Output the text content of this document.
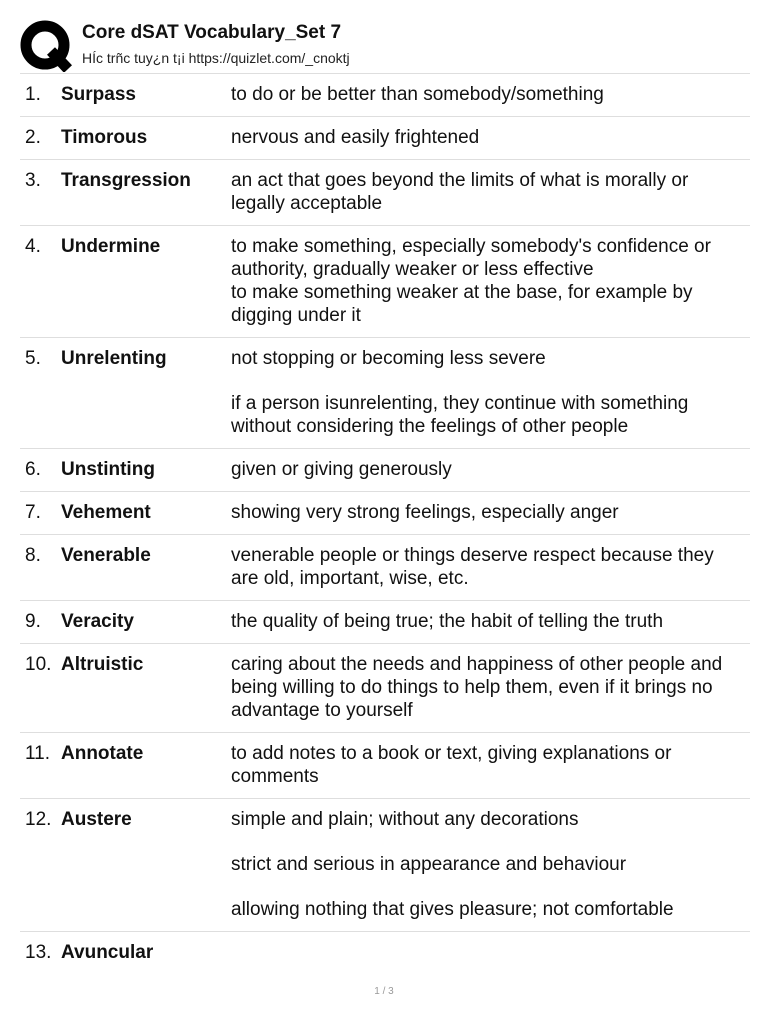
Core dSAT Vocabulary_Set 7
HÍc trñc tuy¿n t¡i https://quizlet.com/_cnoktj
1.	Surpass	to do or be better than somebody/something
2.	Timorous	nervous and easily frightened
3.	Transgression	an act that goes beyond the limits of what is morally or legally acceptable
4.	Undermine	to make something, especially somebody's confidence or authority, gradually weaker or less effective
to make something weaker at the base, for example by digging under it
5.	Unrelenting	not stopping or becoming less severe
if a person isunrelenting, they continue with something without considering the feelings of other people
6.	Unstinting	given or giving generously
7.	Vehement	showing very strong feelings, especially anger
8.	Venerable	venerable people or things deserve respect because they are old, important, wise, etc.
9.	Veracity	the quality of being true; the habit of telling the truth
10. Altruistic	caring about the needs and happiness of other people and being willing to do things to help them, even if it brings no advantage to yourself
11. Annotate	to add notes to a book or text, giving explanations or comments
12. Austere	simple and plain; without any decorations
strict and serious in appearance and behaviour
allowing nothing that gives pleasure; not comfortable
13. Avuncular
1 / 3
